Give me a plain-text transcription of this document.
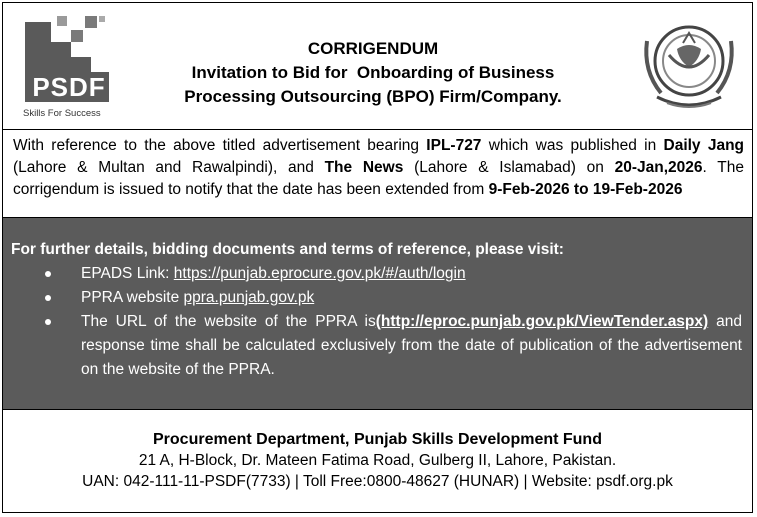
PSDF
Skills For Success
CORRIGENDUM
Invitation to Bid for  Onboarding of Business
Processing Outsourcing (BPO) Firm/Company.
With reference to the above titled advertisement bearing IPL-727 which was published in Daily Jang (Lahore & Multan and Rawalpindi), and The News (Lahore & Islamabad) on 20-Jan,2026. The corrigendum is issued to notify that the date has been extended from 9-Feb-2026 to 19-Feb-2026
For further details, bidding documents and terms of reference, please visit:
EPADS Link: https://punjab.eprocure.gov.pk/#/auth/login
PPRA website ppra.punjab.gov.pk
The URL of the website of the PPRA is(http://eproc.punjab.gov.pk/ViewTender.aspx) and response time shall be calculated exclusively from the date of publication of the advertisement on the website of the PPRA.
Procurement Department, Punjab Skills Development Fund
21 A, H-Block, Dr. Mateen Fatima Road, Gulberg II, Lahore, Pakistan.
UAN: 042-111-11-PSDF(7733) | Toll Free:0800-48627 (HUNAR) | Website: psdf.org.pk
